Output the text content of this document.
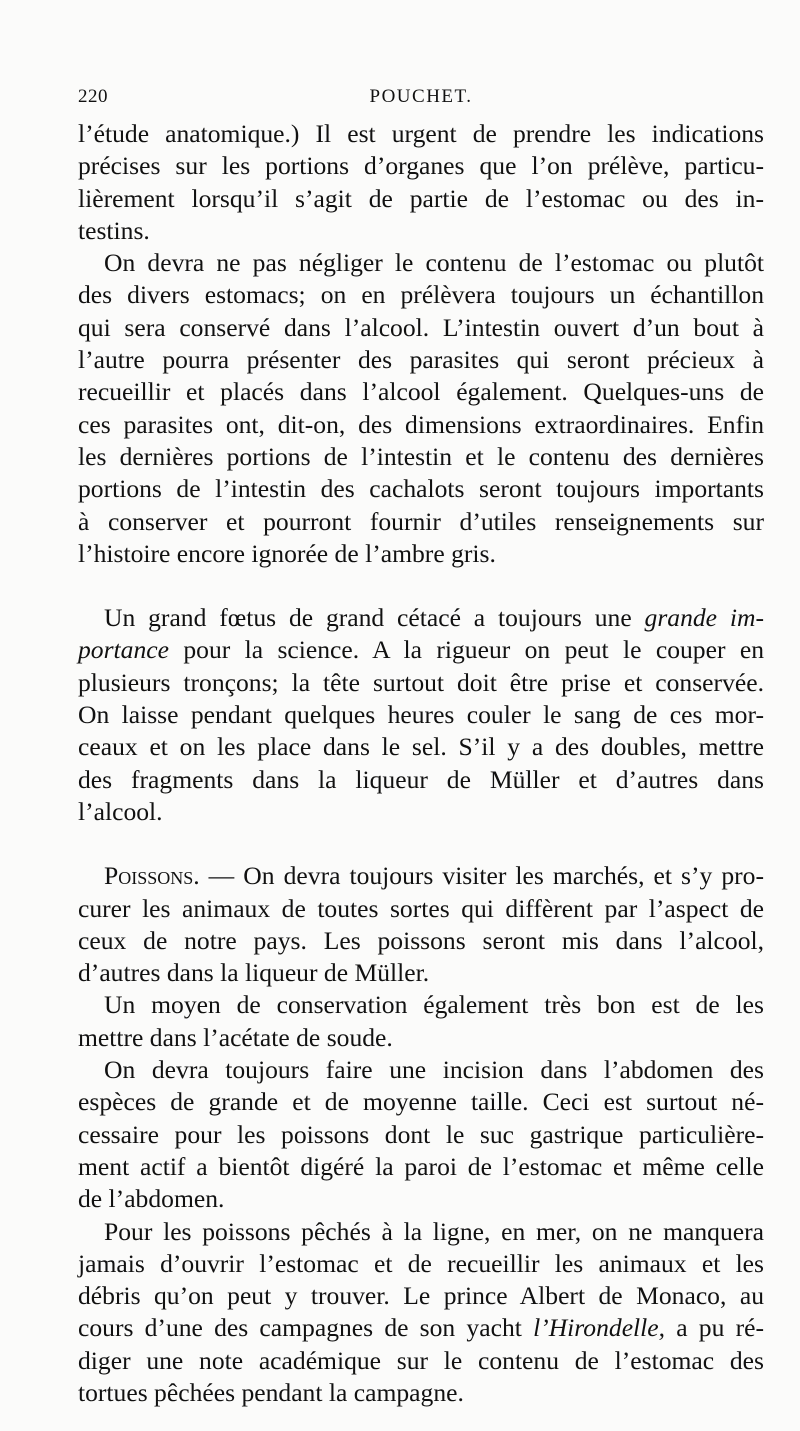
220	POUCHET.
l’étude anatomique.) Il est urgent de prendre les indications
précises sur les portions d’organes que l’on prélève, particu-
lièrement lorsqu’il s’agit de partie de l’estomac ou des in-
testins.
On devra ne pas négliger le contenu de l’estomac ou plutôt
des divers estomacs; on en prélèvera toujours un échantillon
qui sera conservé dans l’alcool. L’intestin ouvert d’un bout à
l’autre pourra présenter des parasites qui seront précieux à
recueillir et placés dans l’alcool également. Quelques-uns de
ces parasites ont, dit-on, des dimensions extraordinaires. Enfin
les dernières portions de l’intestin et le contenu des dernières
portions de l’intestin des cachalots seront toujours importants
à conserver et pourront fournir d’utiles renseignements sur
l’histoire encore ignorée de l’ambre gris.
Un grand fœtus de grand cétacé a toujours une grande im-
portance pour la science. A la rigueur on peut le couper en
plusieurs tronçons; la tête surtout doit être prise et conservée.
On laisse pendant quelques heures couler le sang de ces mor-
ceaux et on les place dans le sel. S’il y a des doubles, mettre
des fragments dans la liqueur de Müller et d’autres dans
l’alcool.
Poissons. — On devra toujours visiter les marchés, et s’y pro-
curer les animaux de toutes sortes qui diffèrent par l’aspect de
ceux de notre pays. Les poissons seront mis dans l’alcool,
d’autres dans la liqueur de Müller.
Un moyen de conservation également très bon est de les
mettre dans l’acétate de soude.
On devra toujours faire une incision dans l’abdomen des
espèces de grande et de moyenne taille. Ceci est surtout né-
cessaire pour les poissons dont le suc gastrique particulière-
ment actif a bientôt digéré la paroi de l’estomac et même celle
de l’abdomen.
Pour les poissons pêchés à la ligne, en mer, on ne manquera
jamais d’ouvrir l’estomac et de recueillir les animaux et les
débris qu’on peut y trouver. Le prince Albert de Monaco, au
cours d’une des campagnes de son yacht l’Hirondelle, a pu ré-
diger une note académique sur le contenu de l’estomac des
tortues pêchées pendant la campagne.
